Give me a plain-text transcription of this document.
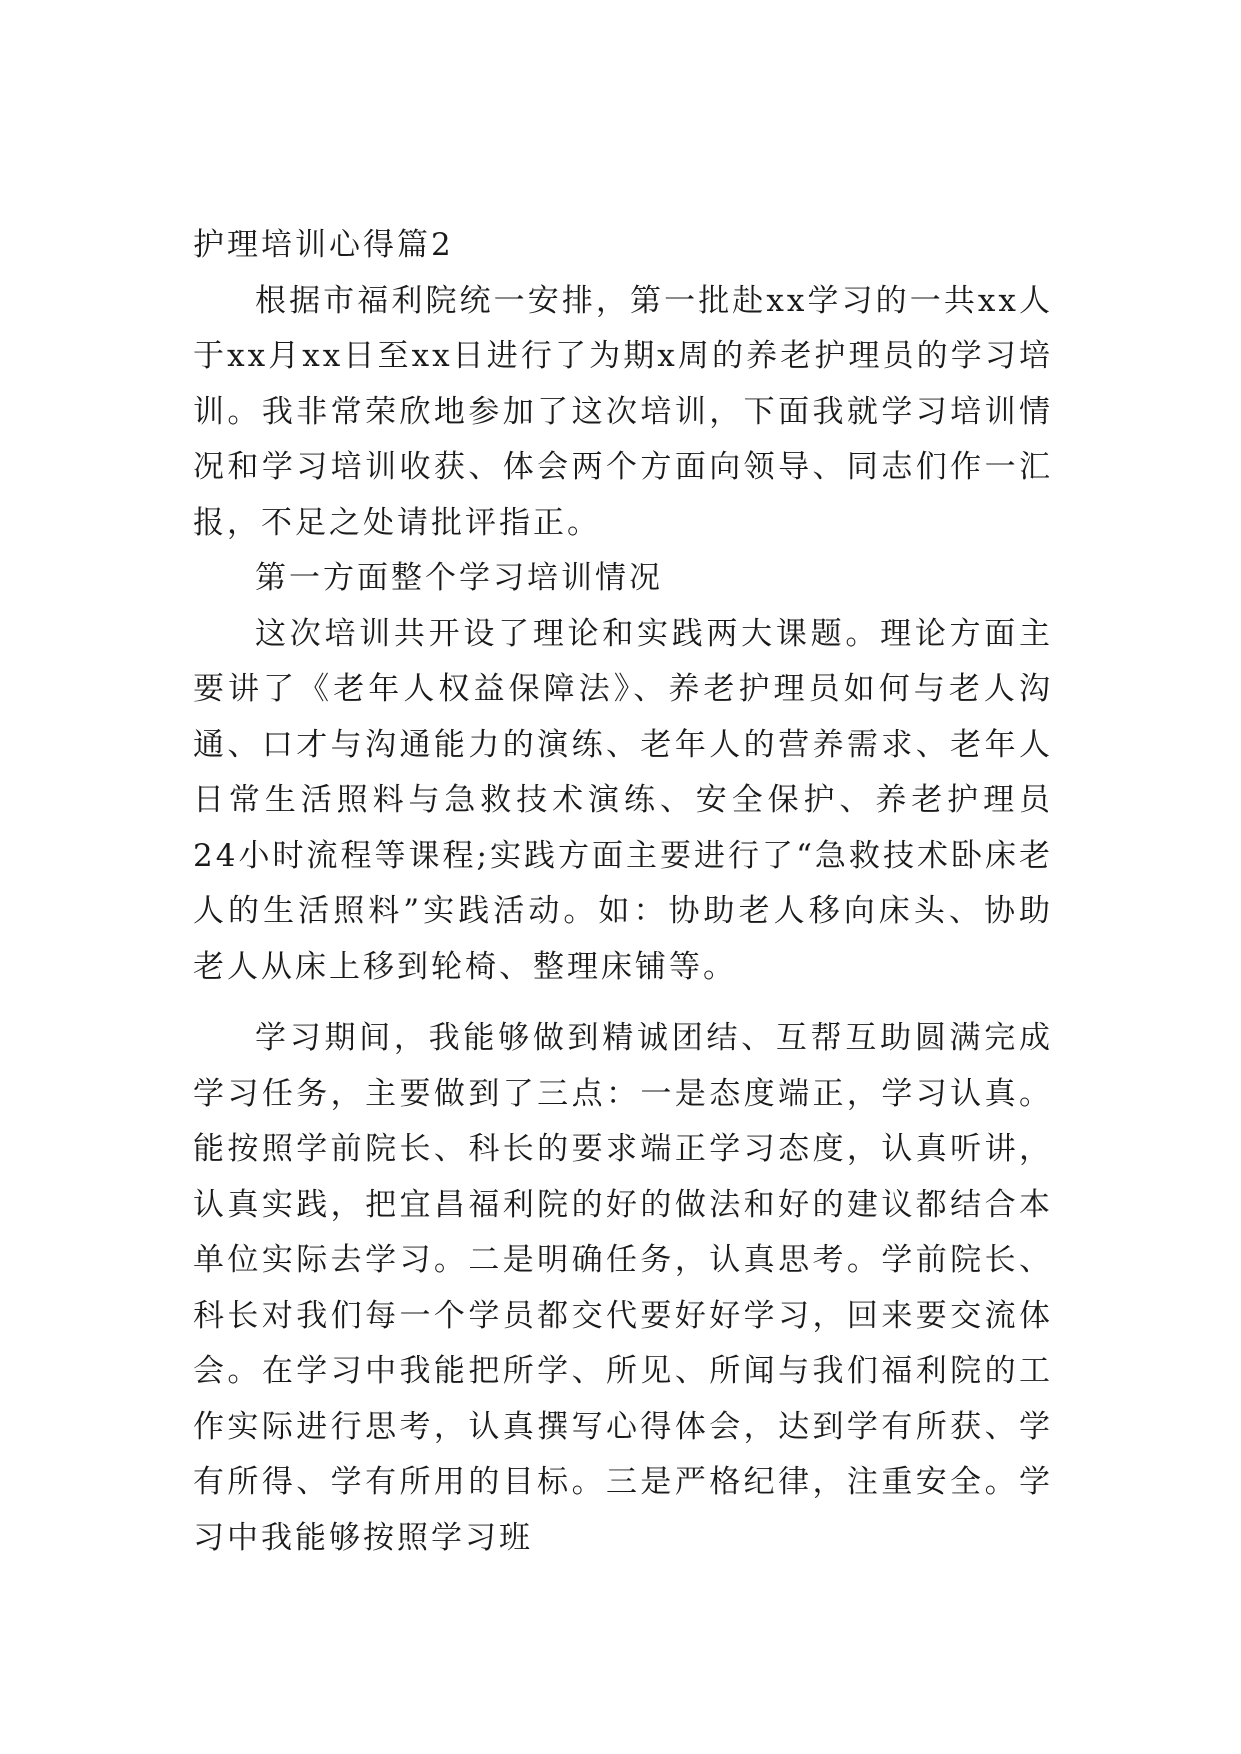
护理培训心得篇2

根据市福利院统一安排，第一批赴xx学习的一共xx人于xx月xx日至xx日进行了为期x周的养老护理员的学习培训。我非常荣欣地参加了这次培训，下面我就学习培训情况和学习培训收获、体会两个方面向领导、同志们作一汇报，不足之处请批评指正。

第一方面整个学习培训情况

这次培训共开设了理论和实践两大课题。理论方面主要讲了《老年人权益保障法》、养老护理员如何与老人沟通、口才与沟通能力的演练、老年人的营养需求、老年人日常生活照料与急救技术演练、安全保护、养老护理员24小时流程等课程;实践方面主要进行了“急救技术卧床老人的生活照料”实践活动。如：协助老人移向床头、协助老人从床上移到轮椅、整理床铺等。

学习期间，我能够做到精诚团结、互帮互助圆满完成学习任务，主要做到了三点：一是态度端正，学习认真。能按照学前院长、科长的要求端正学习态度，认真听讲，认真实践，把宜昌福利院的好的做法和好的建议都结合本单位实际去学习。二是明确任务，认真思考。学前院长、科长对我们每一个学员都交代要好好学习，回来要交流体会。在学习中我能把所学、所见、所闻与我们福利院的工作实际进行思考，认真撰写心得体会，达到学有所获、学有所得、学有所用的目标。三是严格纪律，注重安全。学习中我能够按照学习班
